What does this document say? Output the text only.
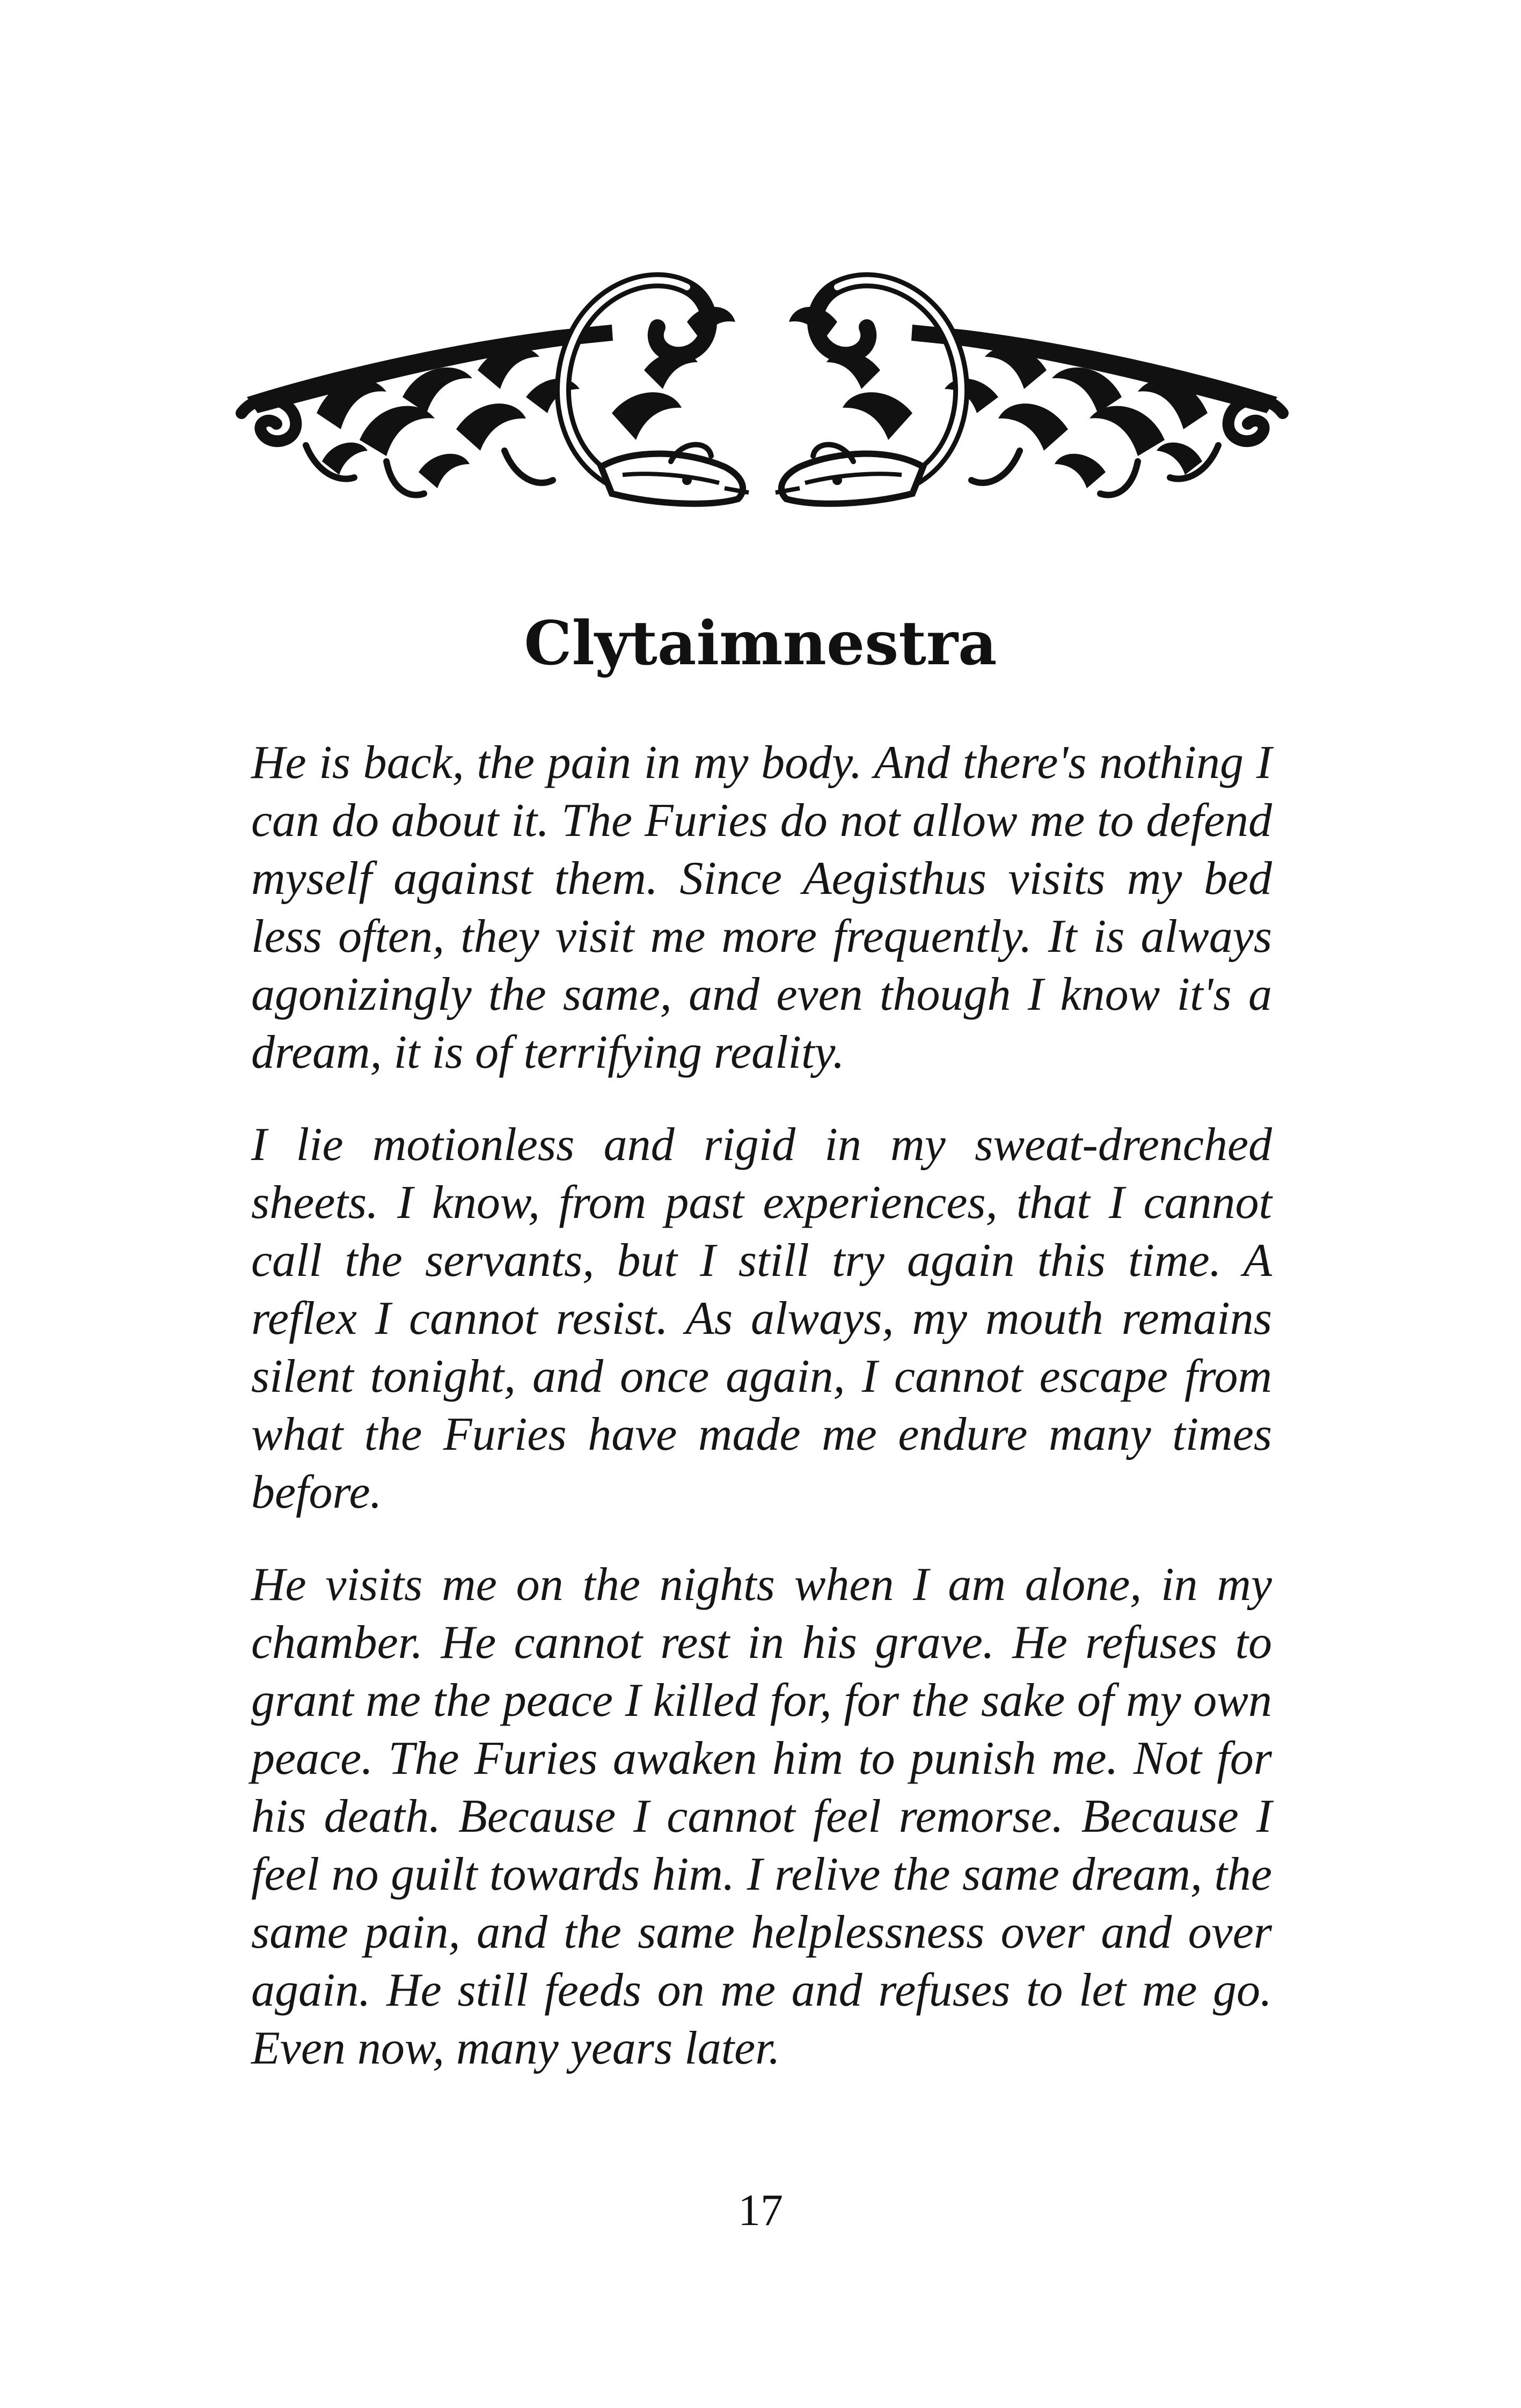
Clytaimnestra

He is back, the pain in my body. And there's nothing I can do about it. The Furies do not allow me to defend myself against them. Since Aegisthus visits my bed less often, they visit me more frequently. It is always agonizingly the same, and even though I know it's a dream, it is of terrifying reality.

I lie motionless and rigid in my sweat-drenched sheets. I know, from past experiences, that I cannot call the servants, but I still try again this time. A reflex I cannot resist. As always, my mouth remains silent tonight, and once again, I cannot escape from what the Furies have made me endure many times before.

He visits me on the nights when I am alone, in my chamber. He cannot rest in his grave. He refuses to grant me the peace I killed for, for the sake of my own peace. The Furies awaken him to punish me. Not for his death. Because I cannot feel remorse. Because I feel no guilt towards him. I relive the same dream, the same pain, and the same helplessness over and over again. He still feeds on me and refuses to let me go. Even now, many years later.

17
